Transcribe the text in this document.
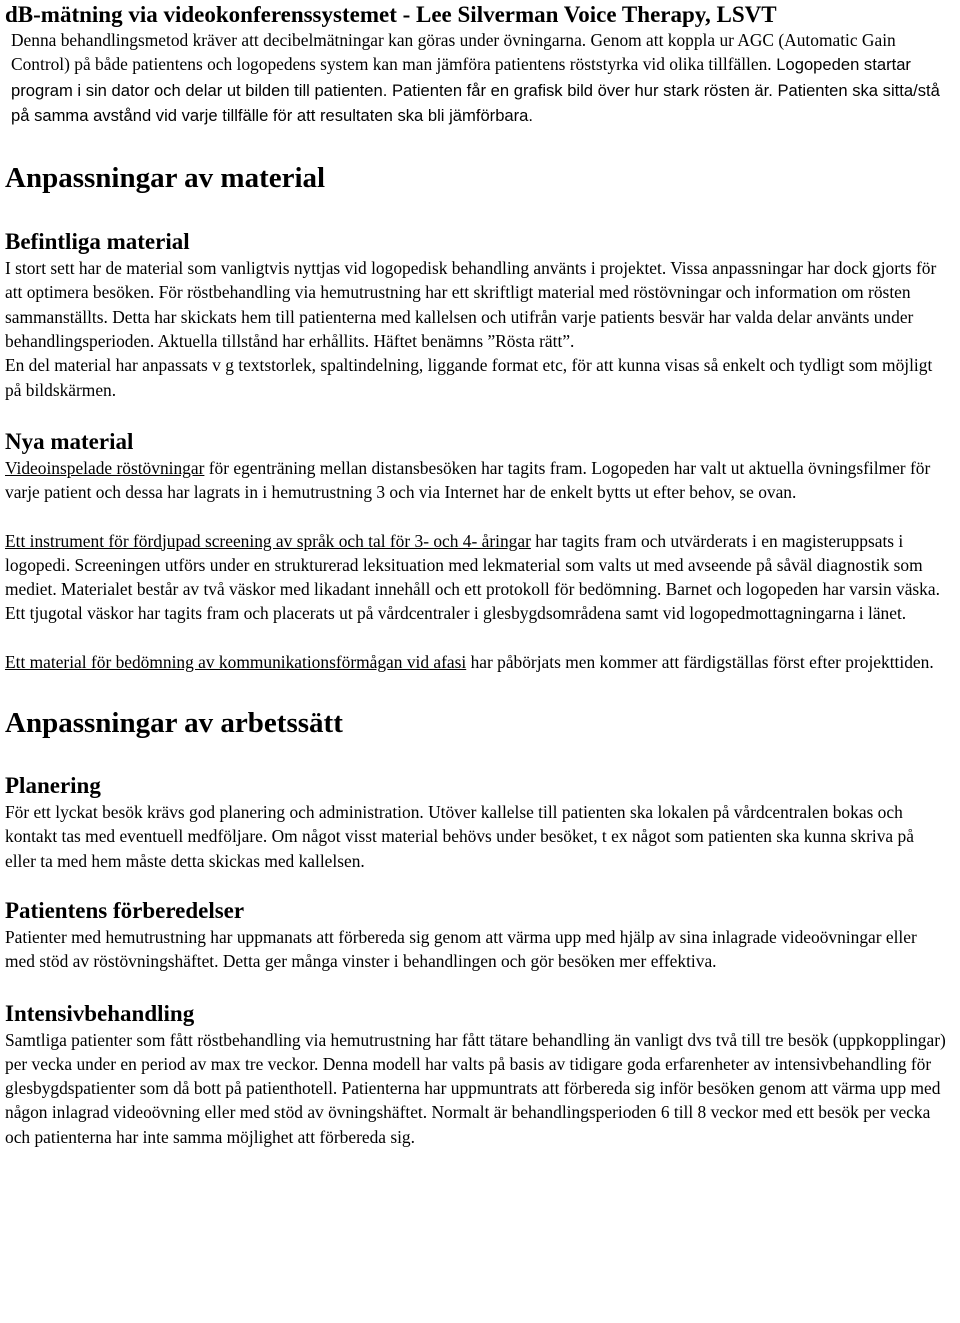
dB-mätning via videokonferenssystemet - Lee Silverman Voice Therapy, LSVT

Denna behandlingsmetod kräver att decibelmätningar kan göras under övningarna. Genom att koppla ur AGC (Automatic Gain Control) på både patientens och logopedens system kan man jämföra patientens röststyrka vid olika tillfällen. Logopeden startar program i sin dator och delar ut bilden till patienten. Patienten får en grafisk bild över hur stark rösten är. Patienten ska sitta/stå på samma avstånd vid varje tillfälle för att resultaten ska bli jämförbara.

Anpassningar av material
Befintliga material

I stort sett har de material som vanligtvis nyttjas vid logopedisk behandling använts i projektet. Vissa anpassningar har dock gjorts för att optimera besöken. För röstbehandling via hemutrustning har ett skriftligt material med röstövningar och information om rösten sammanställts. Detta har skickats hem till patienterna med kallelsen och utifrån varje patients besvär har valda delar använts under behandlingsperioden. Aktuella tillstånd har erhållits. Häftet benämns ”Rösta rätt”.

En del material har anpassats v g textstorlek, spaltindelning, liggande format etc, för att kunna visas så enkelt och tydligt som möjligt på bildskärmen.

Nya material

Videoinspelade röstövningar för egenträning mellan distansbesöken har tagits fram. Logopeden har valt ut aktuella övningsfilmer för varje patient och dessa har lagrats in i hemutrustning 3 och via Internet har de enkelt bytts ut efter behov, se ovan.

Ett instrument för fördjupad screening av språk och tal för 3- och 4- åringar har tagits fram och utvärderats i en magisteruppsats i logopedi. Screeningen utförs under en strukturerad leksituation med lekmaterial som valts ut med avseende på såväl diagnostik som mediet. Materialet består av två väskor med likadant innehåll och ett protokoll för bedömning. Barnet och logopeden har varsin väska. Ett tjugotal väskor har tagits fram och placerats ut på vårdcentraler i glesbygdsområdena samt vid logopedmottagningarna i länet.

Ett material för bedömning av kommunikationsförmågan vid afasi har påbörjats men kommer att färdigställas först efter projekttiden.

Anpassningar av arbetssätt
Planering

För ett lyckat besök krävs god planering och administration. Utöver kallelse till patienten ska lokalen på vårdcentralen bokas och kontakt tas med eventuell medföljare. Om något visst material behövs under besöket, t ex något som patienten ska kunna skriva på eller ta med hem måste detta skickas med kallelsen.

Patientens förberedelser

Patienter med hemutrustning har uppmanats att förbereda sig genom att värma upp med hjälp av sina inlagrade videoövningar eller med stöd av röstövningshäftet. Detta ger många vinster i behandlingen och gör besöken mer effektiva.

Intensivbehandling

Samtliga patienter som fått röstbehandling via hemutrustning har fått tätare behandling än vanligt dvs två till tre besök (uppkopplingar) per vecka under en period av max tre veckor. Denna modell har valts på basis av tidigare goda erfarenheter av intensivbehandling för glesbygdspatienter som då bott på patienthotell. Patienterna har uppmuntrats att förbereda sig inför besöken genom att värma upp med någon inlagrad videoövning eller med stöd av övningshäftet. Normalt är behandlingsperioden 6 till 8 veckor med ett besök per vecka och patienterna har inte samma möjlighet att förbereda sig.
